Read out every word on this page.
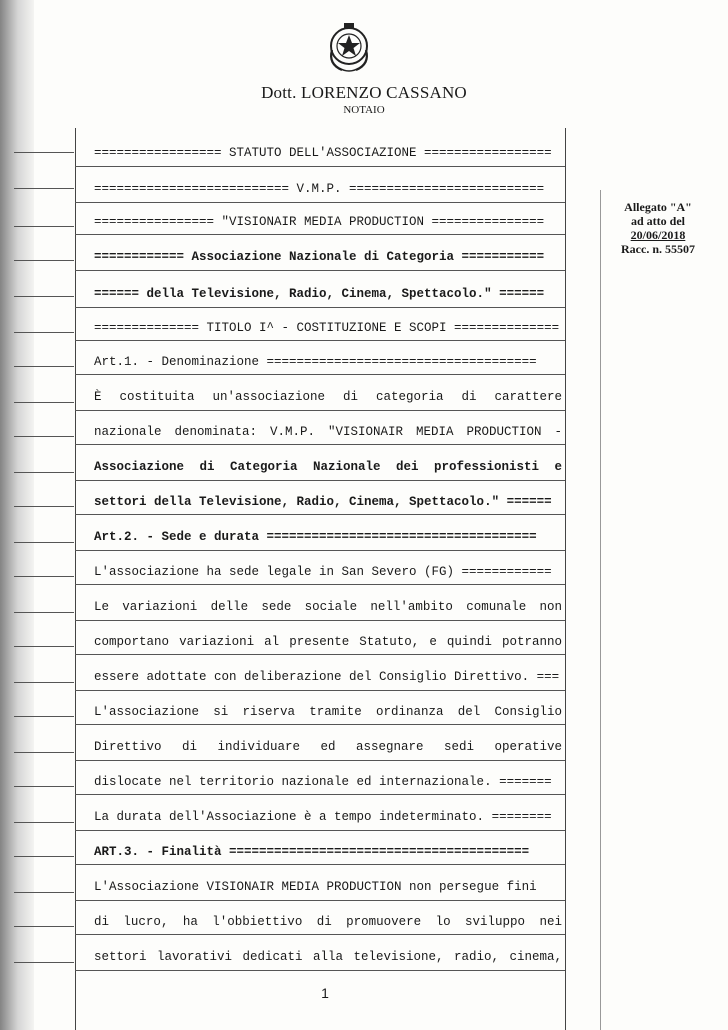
Dott. LORENZO CASSANO
NOTAIO
Allegato "A"
ad atto del
20/06/2018
Racc. n. 55507
================= STATUTO DELL'ASSOCIAZIONE =================
========================== V.M.P. ==========================
================ "VISIONAIR MEDIA PRODUCTION ===============
============ Associazione Nazionale di Categoria ===========
====== della Televisione, Radio, Cinema, Spettacolo." ======
============== TITOLO I^ - COSTITUZIONE E SCOPI ==============
Art.1. - Denominazione ====================================
È costituita un'associazione di categoria di carattere
nazionale denominata: V.M.P. "VISIONAIR MEDIA PRODUCTION -
Associazione di Categoria Nazionale dei professionisti e
settori della Televisione, Radio, Cinema, Spettacolo." ======
Art.2. - Sede e durata ====================================
L'associazione ha sede legale in San Severo (FG) ============
Le variazioni delle sede sociale nell'ambito comunale non
comportano variazioni al presente Statuto, e quindi potranno
essere adottate con deliberazione del Consiglio Direttivo. ===
L'associazione si riserva tramite ordinanza del Consiglio
Direttivo di individuare ed assegnare sedi operative
dislocate nel territorio nazionale ed internazionale. =======
La durata dell'Associazione è a tempo indeterminato. ========
ART.3. - Finalità ========================================
L'Associazione VISIONAIR MEDIA PRODUCTION non persegue fini
di lucro, ha l'obbiettivo di promuovere lo sviluppo nei
settori lavorativi dedicati alla televisione, radio, cinema,
1
